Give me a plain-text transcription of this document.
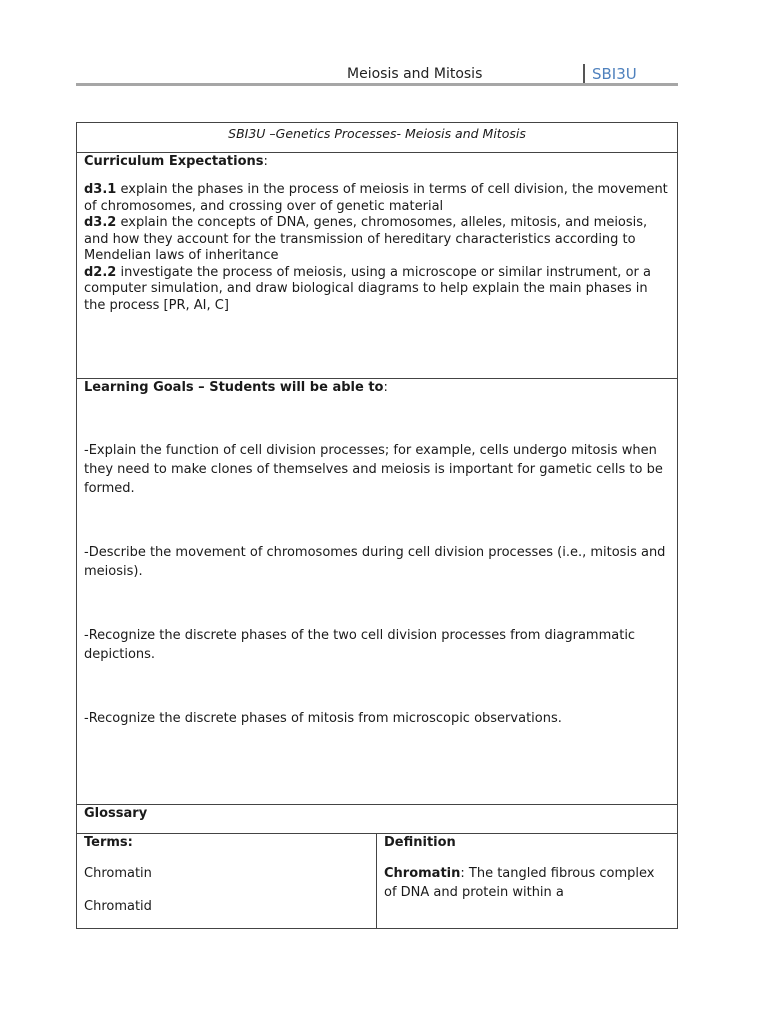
Meiosis and Mitosis	SBI3U
SBI3U –Genetics Processes- Meiosis and Mitosis
Curriculum Expectations:

d3.1 explain the phases in the process of meiosis in terms of cell division, the movement of chromosomes, and crossing over of genetic material

d3.2 explain the concepts of DNA, genes, chromosomes, alleles, mitosis, and meiosis, and how they account for the transmission of hereditary characteristics according to Mendelian laws of inheritance

d2.2 investigate the process of meiosis, using a microscope or similar instrument, or a computer simulation, and draw biological diagrams to help explain the main phases in the process [PR, AI, C]

Learning Goals – Students will be able to:

-Explain the function of cell division processes; for example, cells undergo mitosis when they need to make clones of themselves and meiosis is important for gametic cells to be formed.

-Describe the movement of chromosomes during cell division processes (i.e., mitosis and meiosis).

-Recognize the discrete phases of the two cell division processes from diagrammatic depictions.

-Recognize the discrete phases of mitosis from microscopic observations.

Glossary
Terms:
Chromatin
Chromatid
Definition

Chromatin: The tangled fibrous complex of DNA and protein within a
